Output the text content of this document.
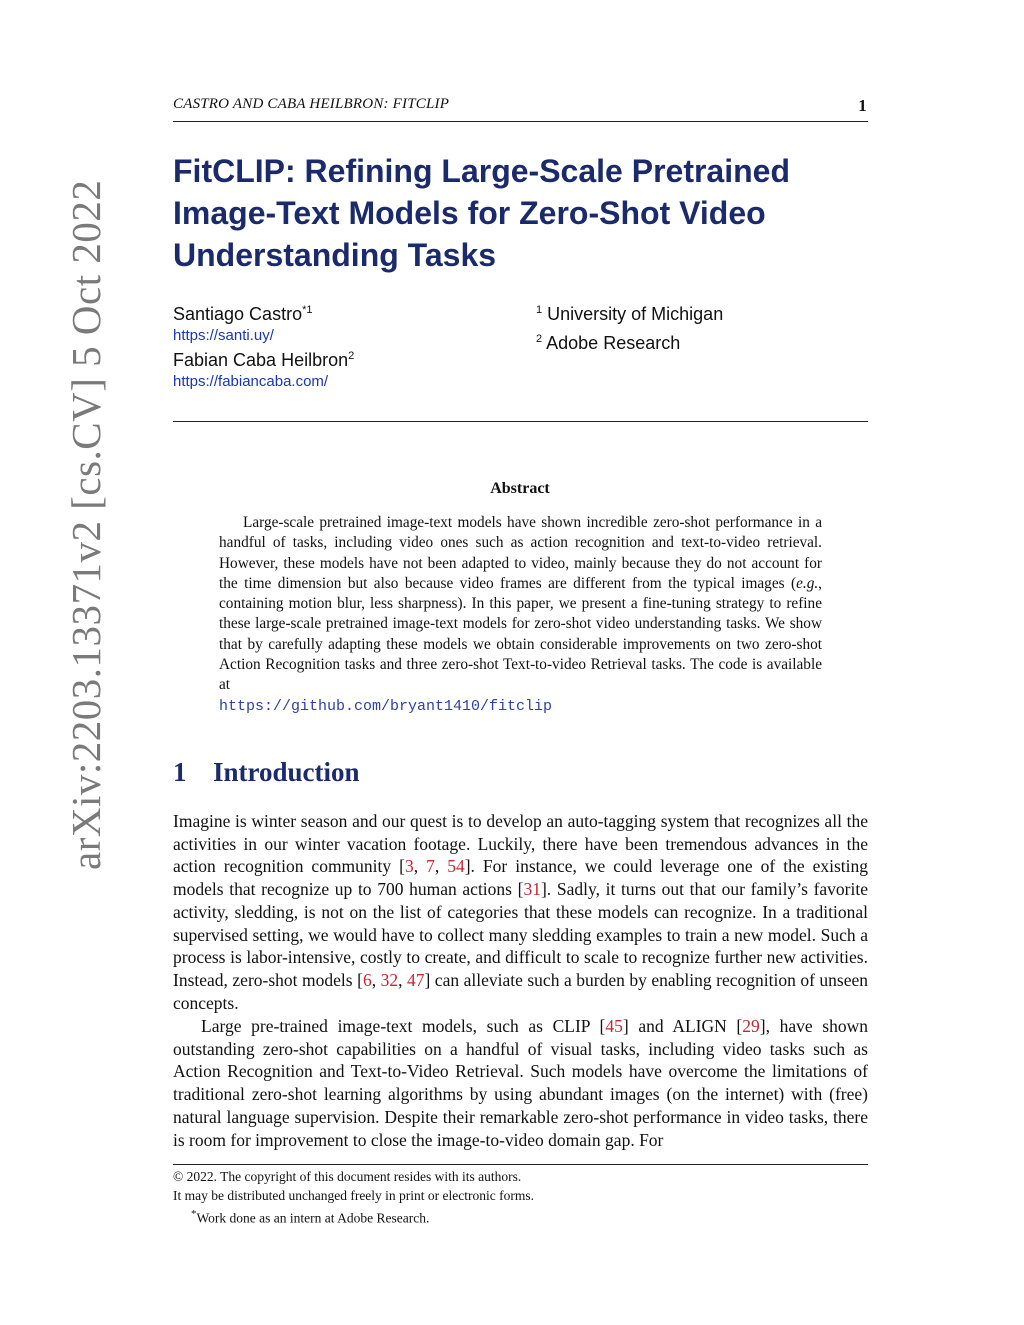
arXiv:2203.13371v2 [cs.CV] 5 Oct 2022
CASTRO AND CABA HEILBRON: FITCLIP	1
FitCLIP: Refining Large-Scale Pretrained
Image-Text Models for Zero-Shot Video
Understanding Tasks
Santiago Castro$^{*1}$
https://santi.uy/
Fabian Caba Heilbron$^2$
https://fabiancaba.com/
$^1$ University of Michigan
$^2$ Adobe Research
Abstract
Large-scale pretrained image-text models have shown incredible zero-shot performance in a handful of tasks, including video ones such as action recognition and text-to-video retrieval. However, these models have not been adapted to video, mainly because they do not account for the time dimension but also because video frames are different from the typical images (e.g., containing motion blur, less sharpness). In this paper, we present a fine-tuning strategy to refine these large-scale pretrained image-text models for zero-shot video understanding tasks. We show that by carefully adapting these models we obtain considerable improvements on two zero-shot Action Recognition tasks and three zero-shot Text-to-video Retrieval tasks. The code is available at
https://github.com/bryant1410/fitclip
1 Introduction
Imagine is winter season and our quest is to develop an auto-tagging system that recognizes all the activities in our winter vacation footage. Luckily, there have been tremendous advances in the action recognition community [3, 7, 54]. For instance, we could leverage one of the existing models that recognize up to 700 human actions [31]. Sadly, it turns out that our family’s favorite activity, sledding, is not on the list of categories that these models can recognize. In a traditional supervised setting, we would have to collect many sledding examples to train a new model. Such a process is labor-intensive, costly to create, and difficult to scale to recognize further new activities. Instead, zero-shot models [6, 32, 47] can alleviate such a burden by enabling recognition of unseen concepts.
Large pre-trained image-text models, such as CLIP [45] and ALIGN [29], have shown outstanding zero-shot capabilities on a handful of visual tasks, including video tasks such as Action Recognition and Text-to-Video Retrieval. Such models have overcome the limitations of traditional zero-shot learning algorithms by using abundant images (on the internet) with (free) natural language supervision. Despite their remarkable zero-shot performance in video tasks, there is room for improvement to close the image-to-video domain gap. For
© 2022. The copyright of this document resides with its authors.
It may be distributed unchanged freely in print or electronic forms.
*Work done as an intern at Adobe Research.
